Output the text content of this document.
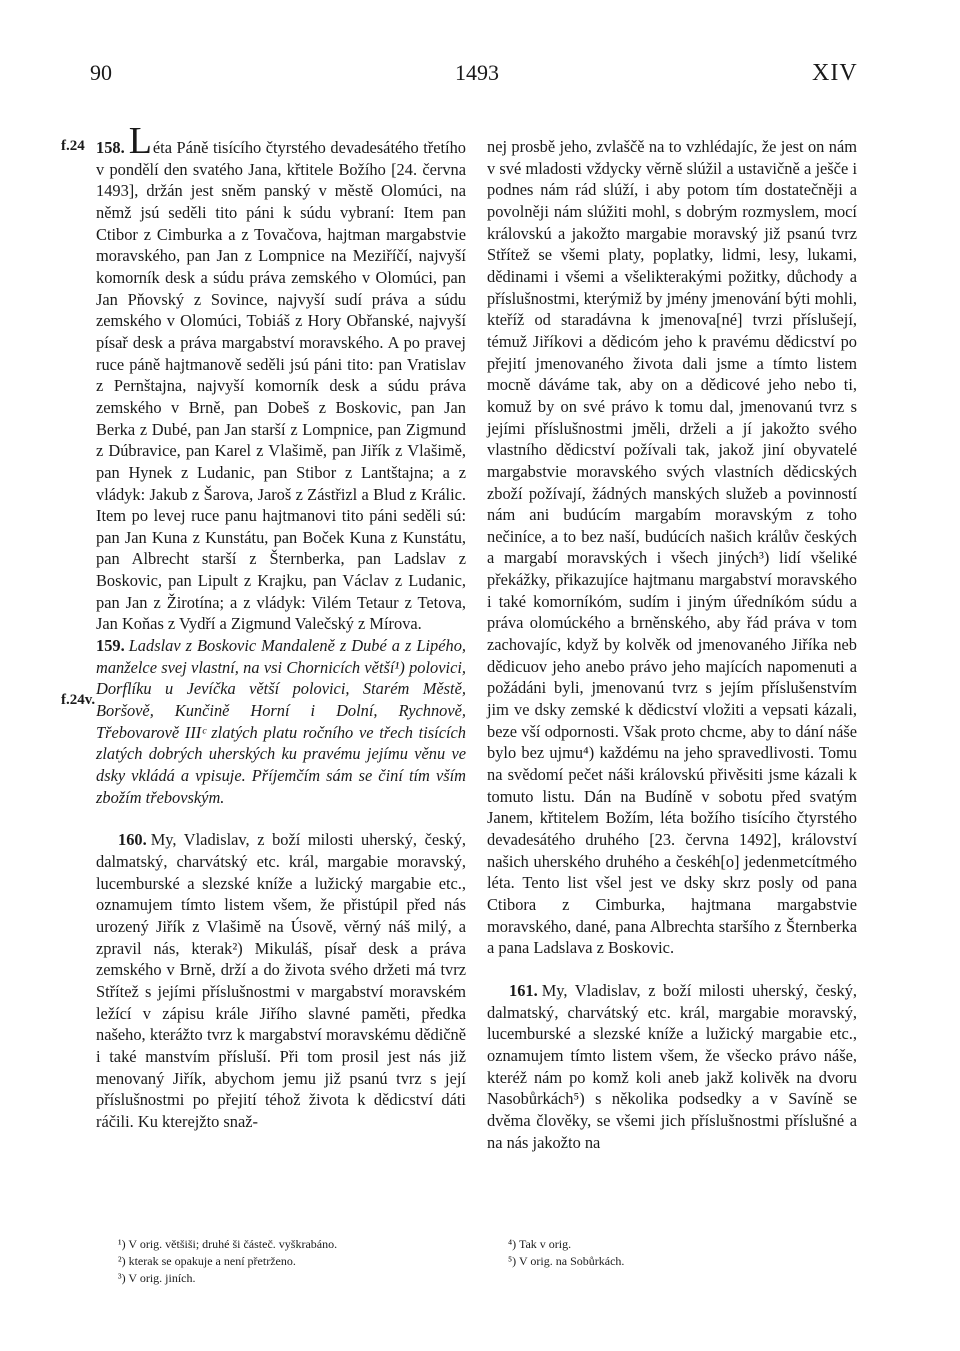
90	1493	XIV
f.24
f.24v.

158. Léta Páně tisícího čtyrstého devadesátého třetího v pondělí den svatého Jana, křtitele Božího [24. června 1493], držán jest sněm panský v městě Olomúci, na němž jsú seděli tito páni k súdu vybraní: Item pan Ctibor z Cimburka a z Tovačova, hajtman margabstvie moravského, pan Jan z Lompnice na Meziříčí, najvyší komorník desk a súdu práva zemského v Olomúci, pan Jan Pňovský z Sovince, najvyší sudí práva a súdu zemského v Olomúci, Tobiáš z Hory Obřanské, najvyší písař desk a práva margabství moravského. A po pravej ruce páně hajtmanově seděli jsú páni tito: pan Vratislav z Pernštajna, najvyší komorník desk a súdu práva zemského v Brně, pan Dobeš z Boskovic, pan Jan Berka z Dubé, pan Jan starší z Lompnice, pan Zigmund z Dúbravice, pan Karel z Vlašimě, pan Jiřík z Vlašimě, pan Hynek z Ludanic, pan Stibor z Lantštajna; a z vládyk: Jakub z Šarova, Jaroš z Zástřizl a Blud z Králic. Item po levej ruce panu hajtmanovi tito páni seděli sú: pan Jan Kuna z Kunstátu, pan Boček Kuna z Kunstátu, pan Albrecht starší z Šternberka, pan Ladslav z Boskovic, pan Lipult z Krajku, pan Václav z Ludanic, pan Jan z Žirotína; a z vládyk: Vilém Tetaur z Tetova, Jan Koňas z Vydří a Zigmund Valečský z Mírova.

159. Ladslav z Boskovic Mandaleně z Dubé a z Lipého, manželce svej vlastní, na vsi Chornicích větší¹) polovici, Dorflíku u Jevíčka větší polovici, Starém Městě, Boršově, Kunčině Horní i Dolní, Rychnově, Třebovarově IIIᶜ zlatých platu ročního ve třech tisících zlatých dobrých uherských ku pravému jejímu věnu ve dsky vkládá a vpisuje. Příjemčím sám se činí tím vším zbožím třebovským.

160. My, Vladislav, z boží milosti uherský, český, dalmatský, charvátský etc. král, margabie moravský, lucemburské a slezské kníže a lužický margabie etc., oznamujem tímto listem všem, že přistúpil před nás urozený Jiřík z Vlašimě na Úsově, věrný náš milý, a zpravil nás, kterak²) Mikuláš, písař desk a práva zemského v Brně, drží a do života svého držeti má tvrz Střítež s jejími příslušnostmi v margabství moravském ležící v zápisu krále Jiřího slavné paměti, předka našeho, kterážto tvrz k margabství moravskému dědičně i také manstvím přísluší. Při tom prosil jest nás již menovaný Jiřík, abychom jemu již psanú tvrz s její příslušnostmi po přejití téhož života k dědicství dáti ráčili. Ku kterejžto snaž-

nej prosbě jeho, zvlaščě na to vzhlédajíc, že jest on nám v své mladosti vždycky věrně slúžil a ustavičně a ješče i podnes nám rád slúží, i aby potom tím dostatečněji a povolněji nám slúžiti mohl, s dobrým rozmyslem, mocí královskú a jakožto margabie moravský již psanú tvrz Střítež se všemi platy, poplatky, lidmi, lesy, lukami, dědinami i všemi a všelikterakými požitky, důchody a příslušnostmi, kterýmiž by jmény jmenování býti mohli, kteříž od staradávna k jmenova[né] tvrzi příslušejí, témuž Jiříkovi a dědicóm jeho k pravému dědicství po přejití jmenovaného života dali jsme a tímto listem mocně dáváme tak, aby on a dědicové jeho nebo ti, komuž by on své právo k tomu dal, jmenovanú tvrz s jejími příslušnostmi jměli, drželi a jí jakožto svého vlastního dědicství požívali tak, jakož jiní obyvatelé margabstvie moravského svých vlastních dědicských zboží požívají, žádných manských služeb a povinností nám ani budúcím margabím moravským z toho nečiníce, a to bez naší, budúcích našich králův českých a margabí moravských i všech jiných³) lidí všeliké překážky, přikazujíce hajtmanu margabství moravského i také komorníkóm, sudím i jiným úředníkóm súdu a práva olomúckého a brněnského, aby řád práva v tom zachovajíc, když by kolvěk od jmenovaného Jiříka neb dědicuov jeho anebo právo jeho majících napomenuti a požádáni byli, jmenovanú tvrz s jejím příslušenstvím jim ve dsky zemské k dědicství vložiti a vepsati kázali, beze vší odpornosti. Však proto chcme, aby to dání náše bylo bez ujmu⁴) každému na jeho spravedlivosti. Tomu na svědomí pečet náši královskú přivěsiti jsme kázali k tomuto listu. Dán na Budíně v sobotu před svatým Janem, křtitelem Božím, léta božího tisícího čtyrstého devadesátého druhého [23. června 1492], království našich uherského druhého a českéh[o] jedenmetcítmého léta. Tento list všel jest ve dsky skrz posly od pana Ctibora z Cimburka, hajtmana margabstvie moravského, dané, pana Albrechta staršího z Šternberka a pana Ladslava z Boskovic.

161. My, Vladislav, z boží milosti uherský, český, dalmatský, charvátský etc. král, margabie moravský, lucemburské a slezské kníže a lužický margabie etc., oznamujem tímto listem všem, že všecko právo náše, kteréž nám po komž koli aneb jakž kolivěk na dvoru Nasobůrkách⁵) s několika podsedky a v Savíně se dvěma člověky, se všemi jich příslušnostmi příslušné a na nás jakožto na

¹) V orig. většiši; druhé ši částeč. vyškrabáno.
²) kterak se opakuje a není přetrženo.
³) V orig. jiních.
⁴) Tak v orig.
⁵) V orig. na Sobůrkách.
